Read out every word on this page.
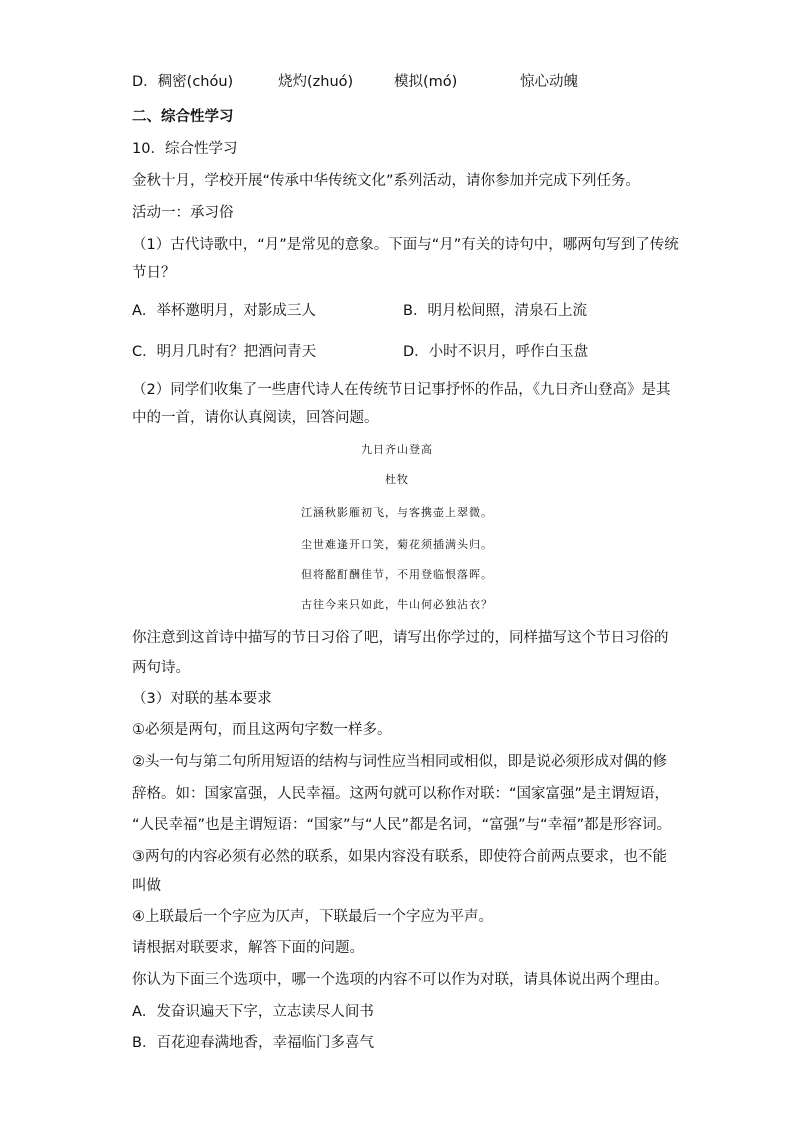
D．稠密(chóu)	烧灼(zhuó)	模拟(mó)	惊心动魄
二、综合性学习
10．综合性学习
金秋十月，学校开展“传承中华传统文化”系列活动，请你参加并完成下列任务。
活动一：承习俗
（1）古代诗歌中，“月”是常见的意象。下面与“月”有关的诗句中，哪两句写到了传统
节日？
A．举杯邀明月，对影成三人	B．明月松间照，清泉石上流
C．明月几时有？把酒问青天	D．小时不识月，呼作白玉盘
（2）同学们收集了一些唐代诗人在传统节日记事抒怀的作品，《九日齐山登高》是其
中的一首，请你认真阅读，回答问题。
九日齐山登高
杜牧
江涵秋影雁初飞，与客携壶上翠微。
尘世难逢开口笑，菊花须插满头归。
但将酩酊酬佳节，不用登临恨落晖。
古往今来只如此，牛山何必独沾衣？
你注意到这首诗中描写的节日习俗了吧，请写出你学过的，同样描写这个节日习俗的
两句诗。
（3）对联的基本要求
①必须是两句，而且这两句字数一样多。
②头一句与第二句所用短语的结构与词性应当相同或相似，即是说必须形成对偶的修
辞格。如：国家富强，人民幸福。这两句就可以称作对联：“国家富强”是主谓短语，
“人民幸福”也是主谓短语：“国家”与“人民”都是名词，“富强”与“幸福”都是形容词。
③两句的内容必须有必然的联系，如果内容没有联系，即使符合前两点要求，也不能
叫做
④上联最后一个字应为仄声，下联最后一个字应为平声。
请根据对联要求，解答下面的问题。
你认为下面三个选项中，哪一个选项的内容不可以作为对联，请具体说出两个理由。
A．发奋识遍天下字，立志读尽人间书
B．百花迎春满地香，幸福临门多喜气
